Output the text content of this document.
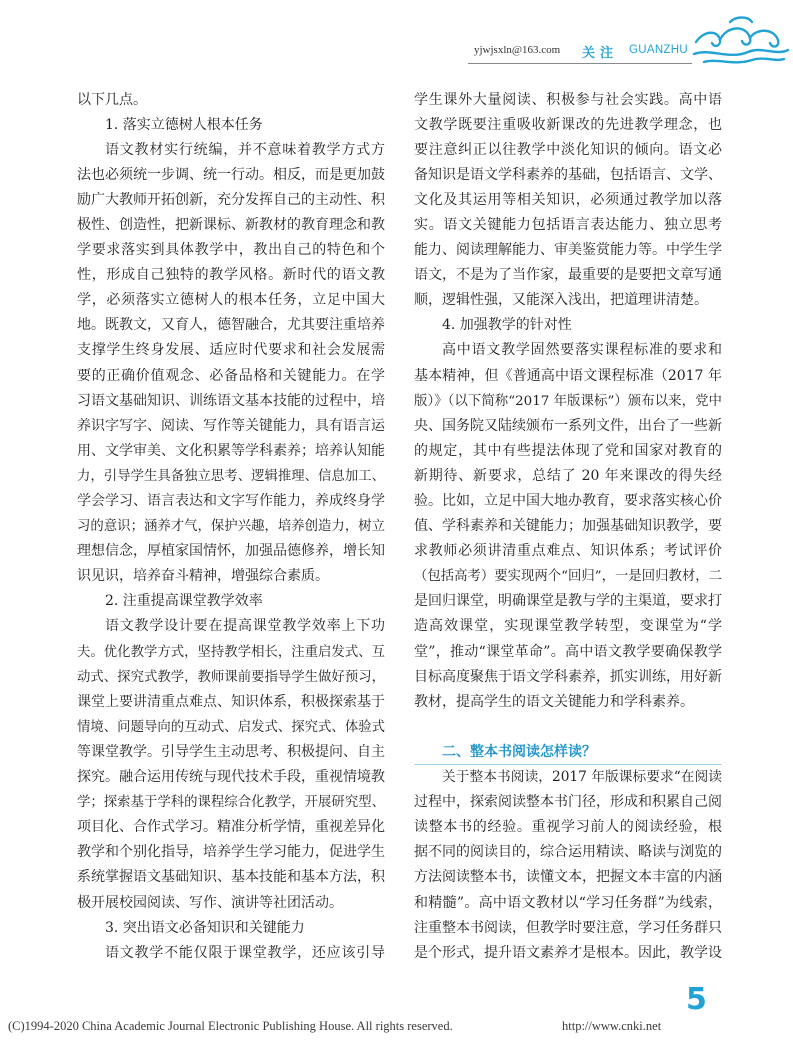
yjwjsxln@163.com 关注 GUANZHU
以下几点。
1. 落实立德树人根本任务
语文教材实行统编，并不意味着教学方式方
法也必须统一步调、统一行动。相反，而是更加鼓
励广大教师开拓创新，充分发挥自己的主动性、积
极性、创造性，把新课标、新教材的教育理念和教
学要求落实到具体教学中，教出自己的特色和个
性，形成自己独特的教学风格。新时代的语文教
学，必须落实立德树人的根本任务，立足中国大
地。既教文，又育人，德智融合，尤其要注重培养
支撑学生终身发展、适应时代要求和社会发展需
要的正确价值观念、必备品格和关键能力。在学
习语文基础知识、训练语文基本技能的过程中，培
养识字写字、阅读、写作等关键能力，具有语言运
用、文学审美、文化积累等学科素养；培养认知能
力，引导学生具备独立思考、逻辑推理、信息加工、
学会学习、语言表达和文字写作能力，养成终身学
习的意识；涵养才气，保护兴趣，培养创造力，树立
理想信念，厚植家国情怀，加强品德修养，增长知
识见识，培养奋斗精神，增强综合素质。
2. 注重提高课堂教学效率
语文教学设计要在提高课堂教学效率上下功
夫。优化教学方式，坚持教学相长，注重启发式、互
动式、探究式教学，教师课前要指导学生做好预习，
课堂上要讲清重点难点、知识体系，积极探索基于
情境、问题导向的互动式、启发式、探究式、体验式
等课堂教学。引导学生主动思考、积极提问、自主
探究。融合运用传统与现代技术手段，重视情境教
学；探索基于学科的课程综合化教学，开展研究型、
项目化、合作式学习。精准分析学情，重视差异化
教学和个别化指导，培养学生学习能力，促进学生
系统掌握语文基础知识、基本技能和基本方法，积
极开展校园阅读、写作、演讲等社团活动。
3. 突出语文必备知识和关键能力
语文教学不能仅限于课堂教学，还应该引导
学生课外大量阅读、积极参与社会实践。高中语
文教学既要注重吸收新课改的先进教学理念，也
要注意纠正以往教学中淡化知识的倾向。语文必
备知识是语文学科素养的基础，包括语言、文学、
文化及其运用等相关知识，必须通过教学加以落
实。语文关键能力包括语言表达能力、独立思考
能力、阅读理解能力、审美鉴赏能力等。中学生学
语文，不是为了当作家，最重要的是要把文章写通
顺，逻辑性强，又能深入浅出，把道理讲清楚。
4. 加强教学的针对性
高中语文教学固然要落实课程标准的要求和
基本精神，但《普通高中语文课程标准（2017 年
版）》（以下简称“2017 年版课标”）颁布以来，党中
央、国务院又陆续颁布一系列文件，出台了一些新
的规定，其中有些提法体现了党和国家对教育的
新期待、新要求，总结了 20 年来课改的得失经
验。比如，立足中国大地办教育，要求落实核心价
值、学科素养和关键能力；加强基础知识教学，要
求教师必须讲清重点难点、知识体系；考试评价
（包括高考）要实现两个“回归”，一是回归教材，二
是回归课堂，明确课堂是教与学的主渠道，要求打
造高效课堂，实现课堂教学转型，变课堂为“学
堂”，推动“课堂革命”。高中语文教学要确保教学
目标高度聚焦于语文学科素养，抓实训练，用好新
教材，提高学生的语文关键能力和学科素养。
二、整本书阅读怎样读？
关于整本书阅读，2017 年版课标要求“在阅读
过程中，探索阅读整本书门径，形成和积累自己阅
读整本书的经验。重视学习前人的阅读经验，根
据不同的阅读目的，综合运用精读、略读与浏览的
方法阅读整本书，读懂文本，把握文本丰富的内涵
和精髓”。高中语文教材以“学习任务群”为线索，
注重整本书阅读，但教学时要注意，学习任务群只
是个形式，提升语文素养才是根本。因此，教学设
5
(C)1994-2020 China Academic Journal Electronic Publishing House. All rights reserved.	http://www.cnki.net
